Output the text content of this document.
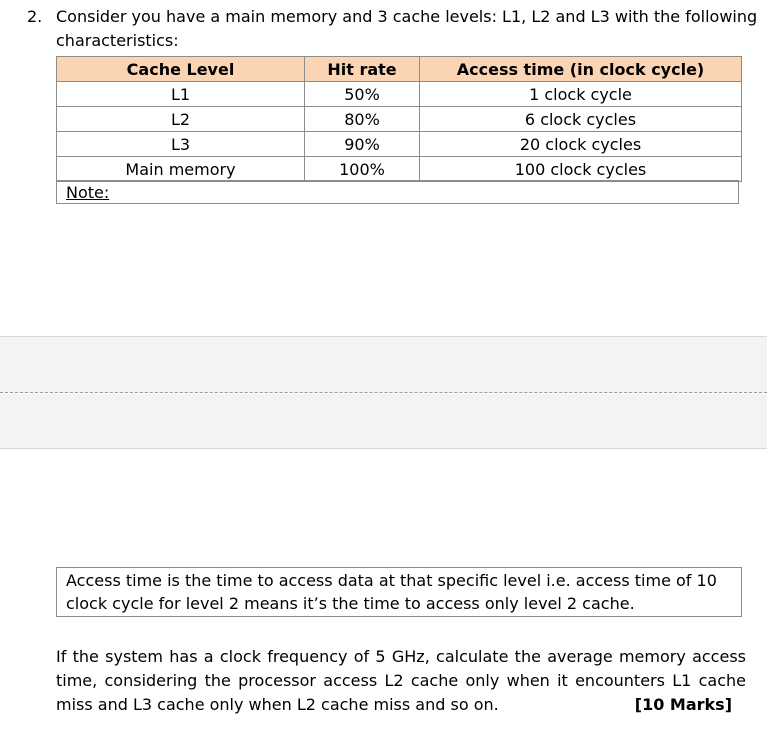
2. Consider you have a main memory and 3 cache levels: L1, L2 and L3 with the following characteristics:
Cache Level	Hit rate	Access time (in clock cycle)
L1	50%	1 clock cycle
L2	80%	6 clock cycles
L3	90%	20 clock cycles
Main memory	100%	100 clock cycles
Note:

Access time is the time to access data at that specific level i.e. access time of 10 clock cycle for level 2 means it’s the time to access only level 2 cache.

If the system has a clock frequency of 5 GHz, calculate the average memory access time, considering the processor access L2 cache only when it encounters L1 cache miss and L3 cache only when L2 cache miss and so on.	[10 Marks]
